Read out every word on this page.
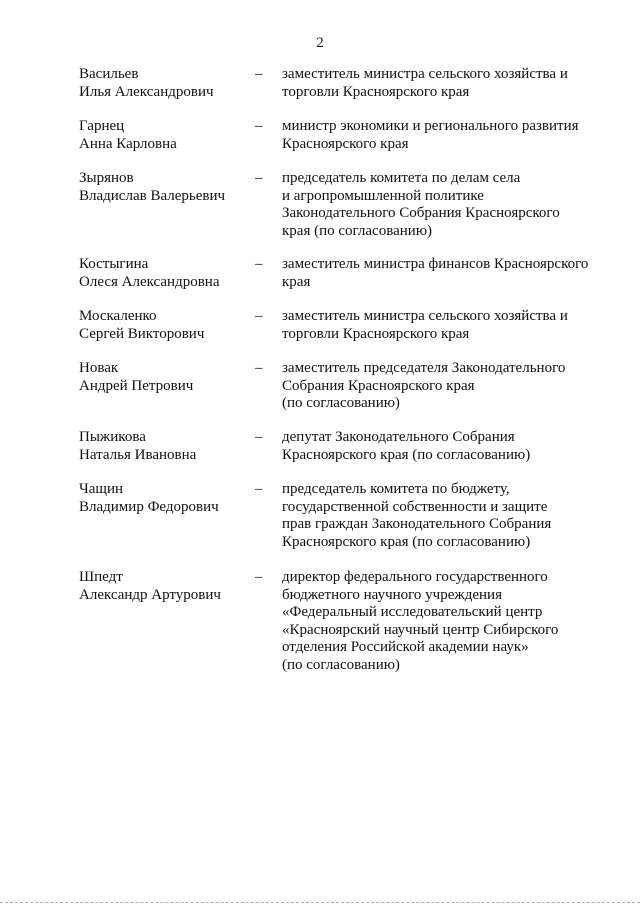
2
Васильев
Илья Александрович
– заместитель министра сельского хозяйства и
торговли Красноярского края
Гарнец
Анна Карловна
– министр экономики и регионального развития
Красноярского края
Зырянов
Владислав Валерьевич
– председатель комитета по делам села
и агропромышленной политике
Законодательного Собрания Красноярского
края (по согласованию)
Костыгина
Олеся Александровна
– заместитель министра финансов Красноярского
края
Москаленко
Сергей Викторович
– заместитель министра сельского хозяйства и
торговли Красноярского края
Новак
Андрей Петрович
– заместитель председателя Законодательного
Собрания Красноярского края
(по согласованию)
Пыжикова
Наталья Ивановна
– депутат Законодательного Собрания
Красноярского края (по согласованию)
Чащин
Владимир Федорович
– председатель комитета по бюджету,
государственной собственности и защите
прав граждан Законодательного Собрания
Красноярского края (по согласованию)
Шпедт
Александр Артурович
– директор федерального государственного
бюджетного научного учреждения
«Федеральный исследовательский центр
«Красноярский научный центр Сибирского
отделения Российской академии наук»
(по согласованию)
